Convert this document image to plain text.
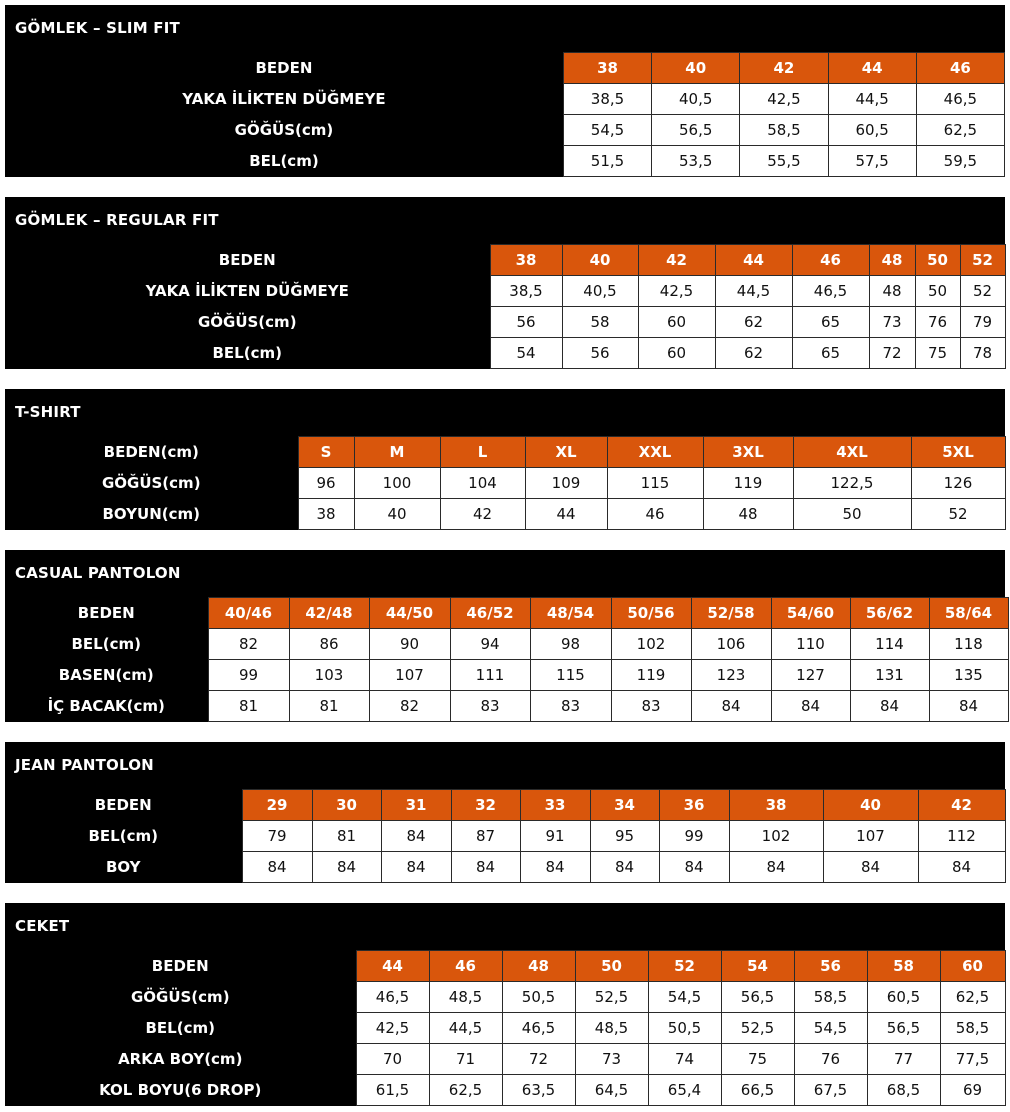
GÖMLEK – SLIM FIT
BEDEN	38	40	42	44	46
YAKA İLİKTEN DÜĞMEYE	38,5	40,5	42,5	44,5	46,5
GÖĞÜS(cm)	54,5	56,5	58,5	60,5	62,5
BEL(cm)	51,5	53,5	55,5	57,5	59,5
GÖMLEK – REGULAR FIT
BEDEN	38	40	42	44	46	48	50	52
YAKA İLİKTEN DÜĞMEYE	38,5	40,5	42,5	44,5	46,5	48	50	52
GÖĞÜS(cm)	56	58	60	62	65	73	76	79
BEL(cm)	54	56	60	62	65	72	75	78
T-SHIRT
BEDEN(cm)	S	M	L	XL	XXL	3XL	4XL	5XL
GÖĞÜS(cm)	96	100	104	109	115	119	122,5	126
BOYUN(cm)	38	40	42	44	46	48	50	52
CASUAL PANTOLON
BEDEN	40/46	42/48	44/50	46/52	48/54	50/56	52/58	54/60	56/62	58/64
BEL(cm)	82	86	90	94	98	102	106	110	114	118
BASEN(cm)	99	103	107	111	115	119	123	127	131	135
İÇ BACAK(cm)	81	81	82	83	83	83	84	84	84	84
JEAN PANTOLON
BEDEN	29	30	31	32	33	34	36	38	40	42
BEL(cm)	79	81	84	87	91	95	99	102	107	112
BOY	84	84	84	84	84	84	84	84	84	84
CEKET
BEDEN	44	46	48	50	52	54	56	58	60
GÖĞÜS(cm)	46,5	48,5	50,5	52,5	54,5	56,5	58,5	60,5	62,5
BEL(cm)	42,5	44,5	46,5	48,5	50,5	52,5	54,5	56,5	58,5
ARKA BOY(cm)	70	71	72	73	74	75	76	77	77,5
KOL BOYU(6 DROP)	61,5	62,5	63,5	64,5	65,4	66,5	67,5	68,5	69
